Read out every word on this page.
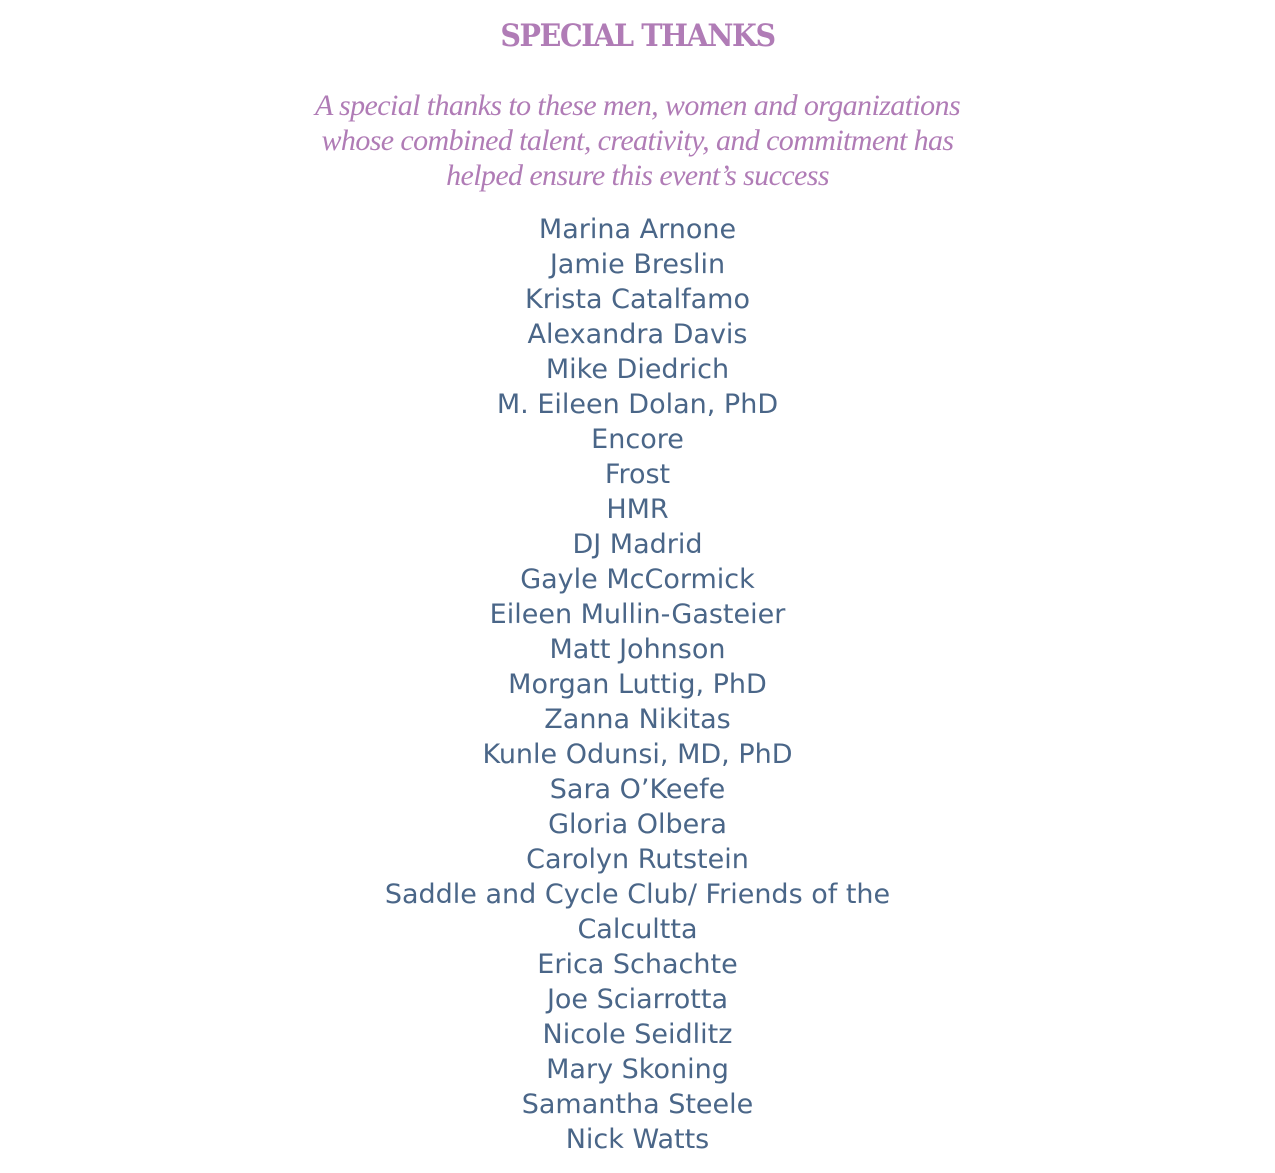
SPECIAL THANKS

A special thanks to these men, women and organizations whose combined talent, creativity, and commitment has helped ensure this event’s success

Marina Arnone
Jamie Breslin
Krista Catalfamo
Alexandra Davis
Mike Diedrich
M. Eileen Dolan, PhD
Encore
Frost
HMR
DJ Madrid
Gayle McCormick
Eileen Mullin-Gasteier
Matt Johnson
Morgan Luttig, PhD
Zanna Nikitas
Kunle Odunsi, MD, PhD
Sara O’Keefe
Gloria Olbera
Carolyn Rutstein
Saddle and Cycle Club/ Friends of the Calcultta
Erica Schachte
Joe Sciarrotta
Nicole Seidlitz
Mary Skoning
Samantha Steele
Nick Watts
